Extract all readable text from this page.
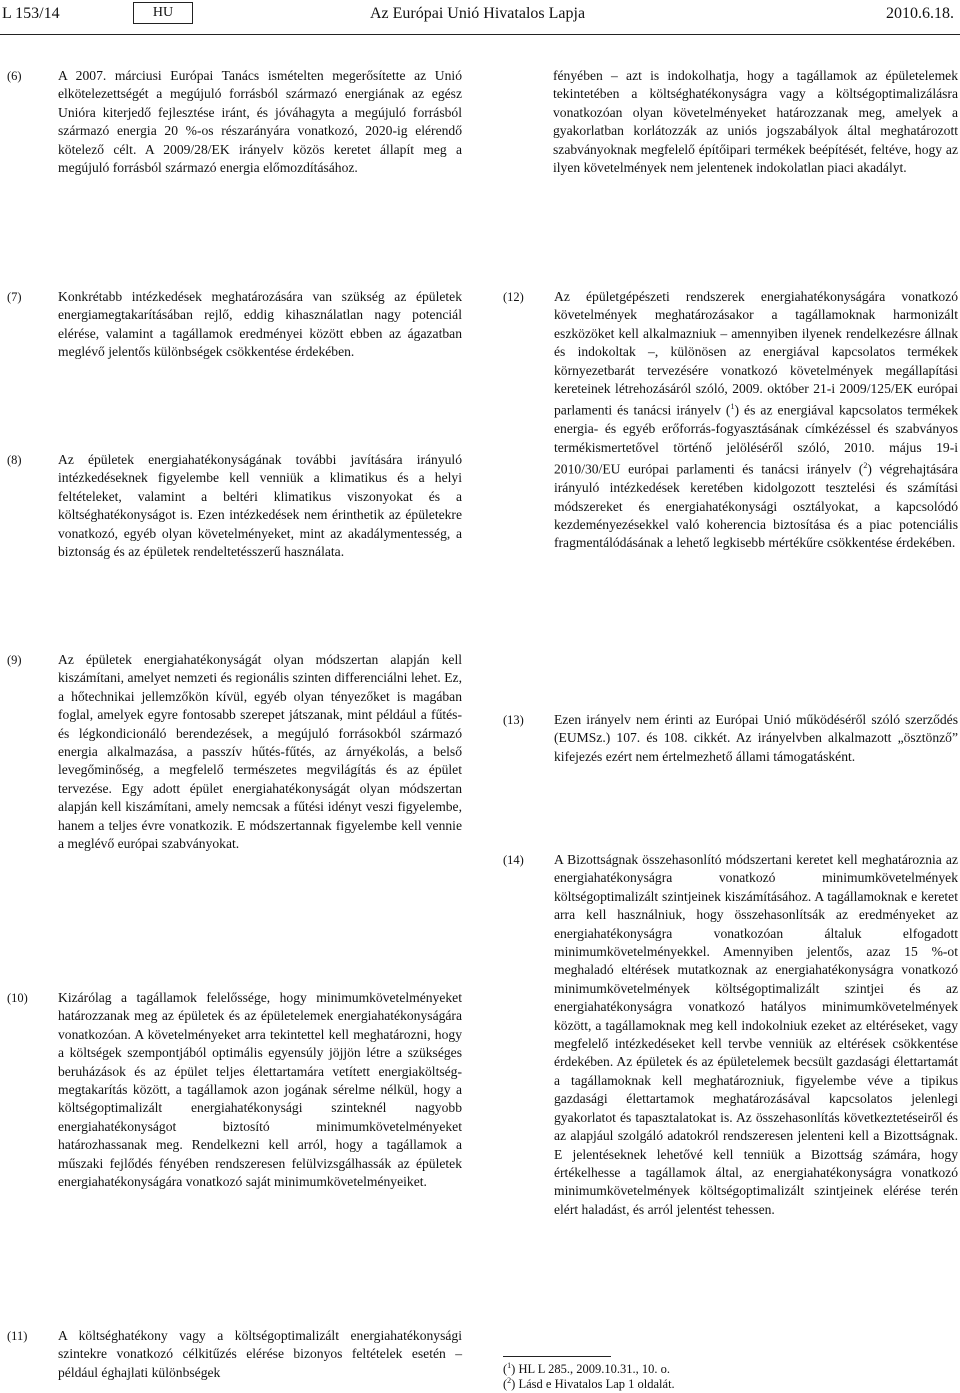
L 153/14	HU	Az Európai Unió Hivatalos Lapja	2010.6.18.
(6)	A 2007. márciusi Európai Tanács ismételten megerősítette az Unió elkötelezettségét a megújuló forrásból származó energiának az egész Unióra kiterjedő fejlesztése iránt, és jóváhagyta a megújuló forrásból származó energia 20 %-os részarányára vonatkozó, 2020-ig elérendő kötelező célt. A 2009/28/EK irányelv közös keretet állapít meg a megújuló forrásból származó energia előmozdításához.

fényében – azt is indokolhatja, hogy a tagállamok az épületelemek tekintetében a költséghatékonyságra vagy a költségoptimalizálásra vonatkozóan olyan követelményeket határozzanak meg, amelyek a gyakorlatban korlátozzák az uniós jogszabályok által meghatározott szabványoknak megfelelő építőipari termékek beépítését, feltéve, hogy az ilyen követelmények nem jelentenek indokolatlan piaci akadályt.

(7)	Konkrétabb intézkedések meghatározására van szükség az épületek energiamegtakarításában rejlő, eddig kihasználatlan nagy potenciál elérése, valamint a tagállamok eredményei között ebben az ágazatban meglévő jelentős különbségek csökkentése érdekében.

(8)	Az épületek energiahatékonyságának további javítására irányuló intézkedéseknek figyelembe kell venniük a klimatikus és a helyi feltételeket, valamint a beltéri klimatikus viszonyokat és a költséghatékonyságot is. Ezen intézkedések nem érinthetik az épületekre vonatkozó, egyéb olyan követelményeket, mint az akadálymentesség, a biztonság és az épületek rendeltetésszerű használata.

(9)	Az épületek energiahatékonyságát olyan módszertan alapján kell kiszámítani, amelyet nemzeti és regionális szinten differenciálni lehet. Ez, a hőtechnikai jellemzőkön kívül, egyéb olyan tényezőket is magában foglal, amelyek egyre fontosabb szerepet játszanak, mint például a fűtés- és légkondicionáló berendezések, a megújuló forrásokból származó energia alkalmazása, a passzív hűtés-fűtés, az árnyékolás, a belső levegőminőség, a megfelelő természetes megvilágítás és az épület tervezése. Egy adott épület energiahatékonyságát olyan módszertan alapján kell kiszámítani, amely nemcsak a fűtési idényt veszi figyelembe, hanem a teljes évre vonatkozik. E módszertannak figyelembe kell vennie a meglévő európai szabványokat.

(10)	Kizárólag a tagállamok felelőssége, hogy minimumkövetelményeket határozzanak meg az épületek és az épületelemek energiahatékonyságára vonatkozóan. A követelményeket arra tekintettel kell meghatározni, hogy a költségek szempontjából optimális egyensúly jöjjön létre a szükséges beruházások és az épület teljes élettartamára vetített energiaköltség-megtakarítás között, a tagállamok azon jogának sérelme nélkül, hogy a költségoptimalizált energiahatékonysági szinteknél nagyobb energiahatékonyságot biztosító minimumkövetelményeket határozhassanak meg. Rendelkezni kell arról, hogy a tagállamok a műszaki fejlődés fényében rendszeresen felülvizsgálhassák az épületek energiahatékonyságára vonatkozó saját minimumkövetelményeiket.

(11)	A költséghatékony vagy a költségoptimalizált energiahatékonysági szintekre vonatkozó célkitűzés elérése bizonyos feltételek esetén – például éghajlati különbségek

(12)	Az épületgépészeti rendszerek energiahatékonyságára vonatkozó követelmények meghatározásakor a tagállamoknak harmonizált eszközöket kell alkalmazniuk – amennyiben ilyenek rendelkezésre állnak és indokoltak –, különösen az energiával kapcsolatos termékek környezetbarát tervezésére vonatkozó követelmények megállapítási kereteinek létrehozásáról szóló, 2009. október 21-i 2009/125/EK európai parlamenti és tanácsi irányelv ($^1$) és az energiával kapcsolatos termékek energia- és egyéb erőforrás-fogyasztásának címkézéssel és szabványos termékismertetővel történő jelöléséről szóló, 2010. május 19-i 2010/30/EU európai parlamenti és tanácsi irányelv ($^2$) végrehajtására irányuló intézkedések keretében kidolgozott tesztelési és számítási módszereket és energiahatékonysági osztályokat, a kapcsolódó kezdeményezésekkel való koherencia biztosítása és a piac potenciális fragmentálódásának a lehető legkisebb mértékűre csökkentése érdekében.

(13)	Ezen irányelv nem érinti az Európai Unió működéséről szóló szerződés (EUMSz.) 107. és 108. cikkét. Az irányelvben alkalmazott „ösztönző” kifejezés ezért nem értelmezhető állami támogatásként.

(14)	A Bizottságnak összehasonlító módszertani keretet kell meghatároznia az energiahatékonyságra vonatkozó minimumkövetelmények költségoptimalizált szintjeinek kiszámításához. A tagállamoknak e keretet arra kell használniuk, hogy összehasonlítsák az eredményeket az energiahatékonyságra vonatkozóan általuk elfogadott minimumkövetelményekkel. Amennyiben jelentős, azaz 15 %-ot meghaladó eltérések mutatkoznak az energiahatékonyságra vonatkozó minimumkövetelmények költségoptimalizált szintjei és az energiahatékonyságra vonatkozó hatályos minimumkövetelmények között, a tagállamoknak meg kell indokolniuk ezeket az eltéréseket, vagy megfelelő intézkedéseket kell tervbe venniük az eltérések csökkentése érdekében. Az épületek és az épületelemek becsült gazdasági élettartamát a tagállamoknak kell meghatározniuk, figyelembe véve a tipikus gazdasági élettartamok meghatározásával kapcsolatos jelenlegi gyakorlatot és tapasztalatokat is. Az összehasonlítás következtetéseiről és az alapjául szolgáló adatokról rendszeresen jelenteni kell a Bizottságnak. E jelentéseknek lehetővé kell tenniük a Bizottság számára, hogy értékelhesse a tagállamok által, az energiahatékonyságra vonatkozó minimumkövetelmények költségoptimalizált szintjeinek elérése terén elért haladást, és arról jelentést tehessen.

($^1$) HL L 285., 2009.10.31., 10. o.
($^2$) Lásd e Hivatalos Lap 1 oldalát.
